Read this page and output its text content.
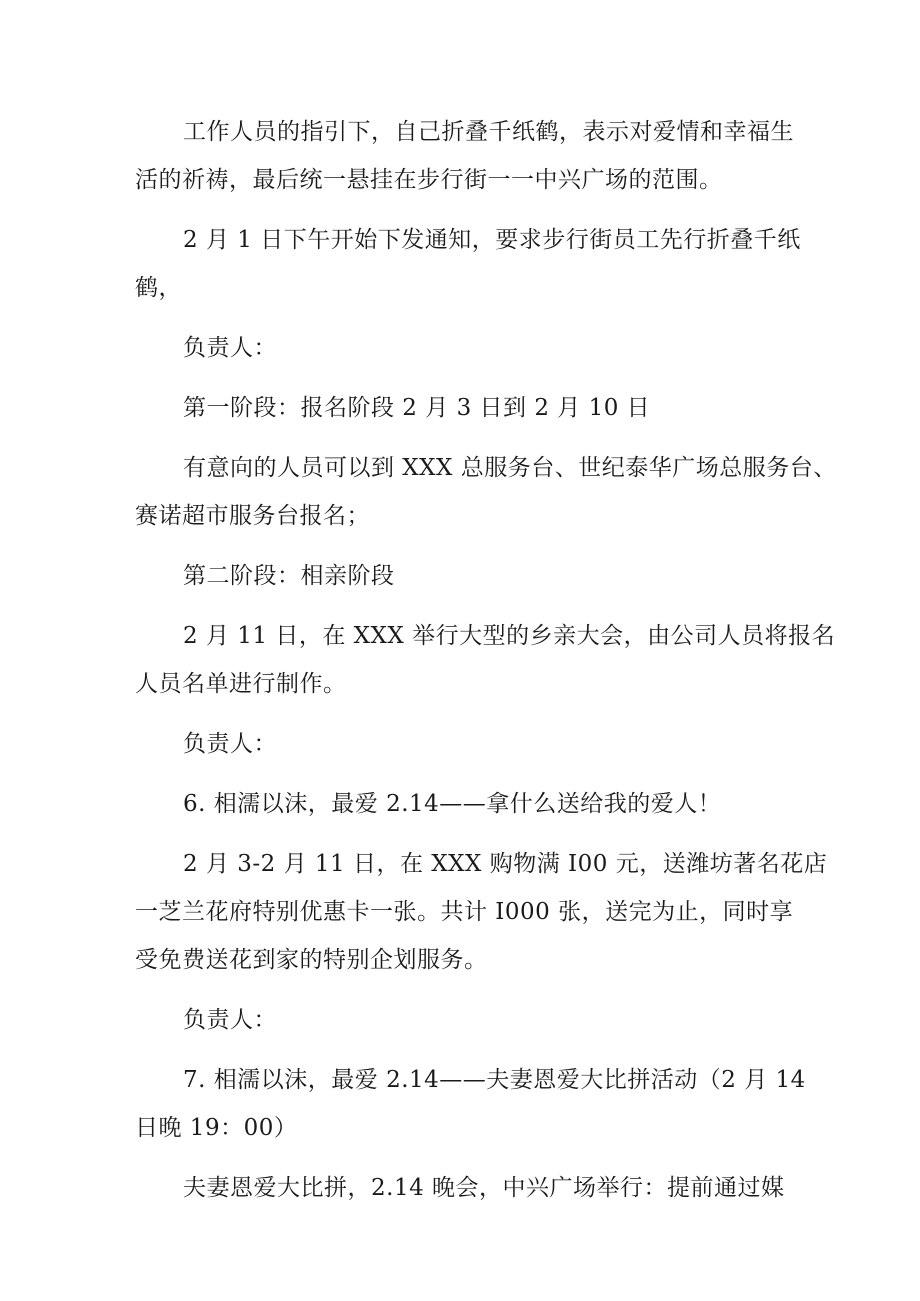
工作人员的指引下，自己折叠千纸鹤，表示对爱情和幸福生
活的祈祷，最后统一悬挂在步行街一一中兴广场的范围。
2 月 1 日下午开始下发通知，要求步行街员工先行折叠千纸
鹤，
负责人：
第一阶段：报名阶段 2 月 3 日到 2 月 10 日
有意向的人员可以到 XXX 总服务台、世纪泰华广场总服务台、
赛诺超市服务台报名；
第二阶段：相亲阶段
2 月 11 日，在 XXX 举行大型的乡亲大会，由公司人员将报名
人员名单进行制作。
负责人：
6. 相濡以沫，最爱 2.14——拿什么送给我的爱人！
2 月 3-2 月 11 日，在 XXX 购物满 I00 元，送潍坊著名花店
一芝兰花府特别优惠卡一张。共计 I000 张，送完为止，同时享
受免费送花到家的特别企划服务。
负责人：
7. 相濡以沫，最爱 2.14——夫妻恩爱大比拼活动（2 月 14
日晚 19：00）
夫妻恩爱大比拼，2.14 晚会，中兴广场举行：提前通过媒
